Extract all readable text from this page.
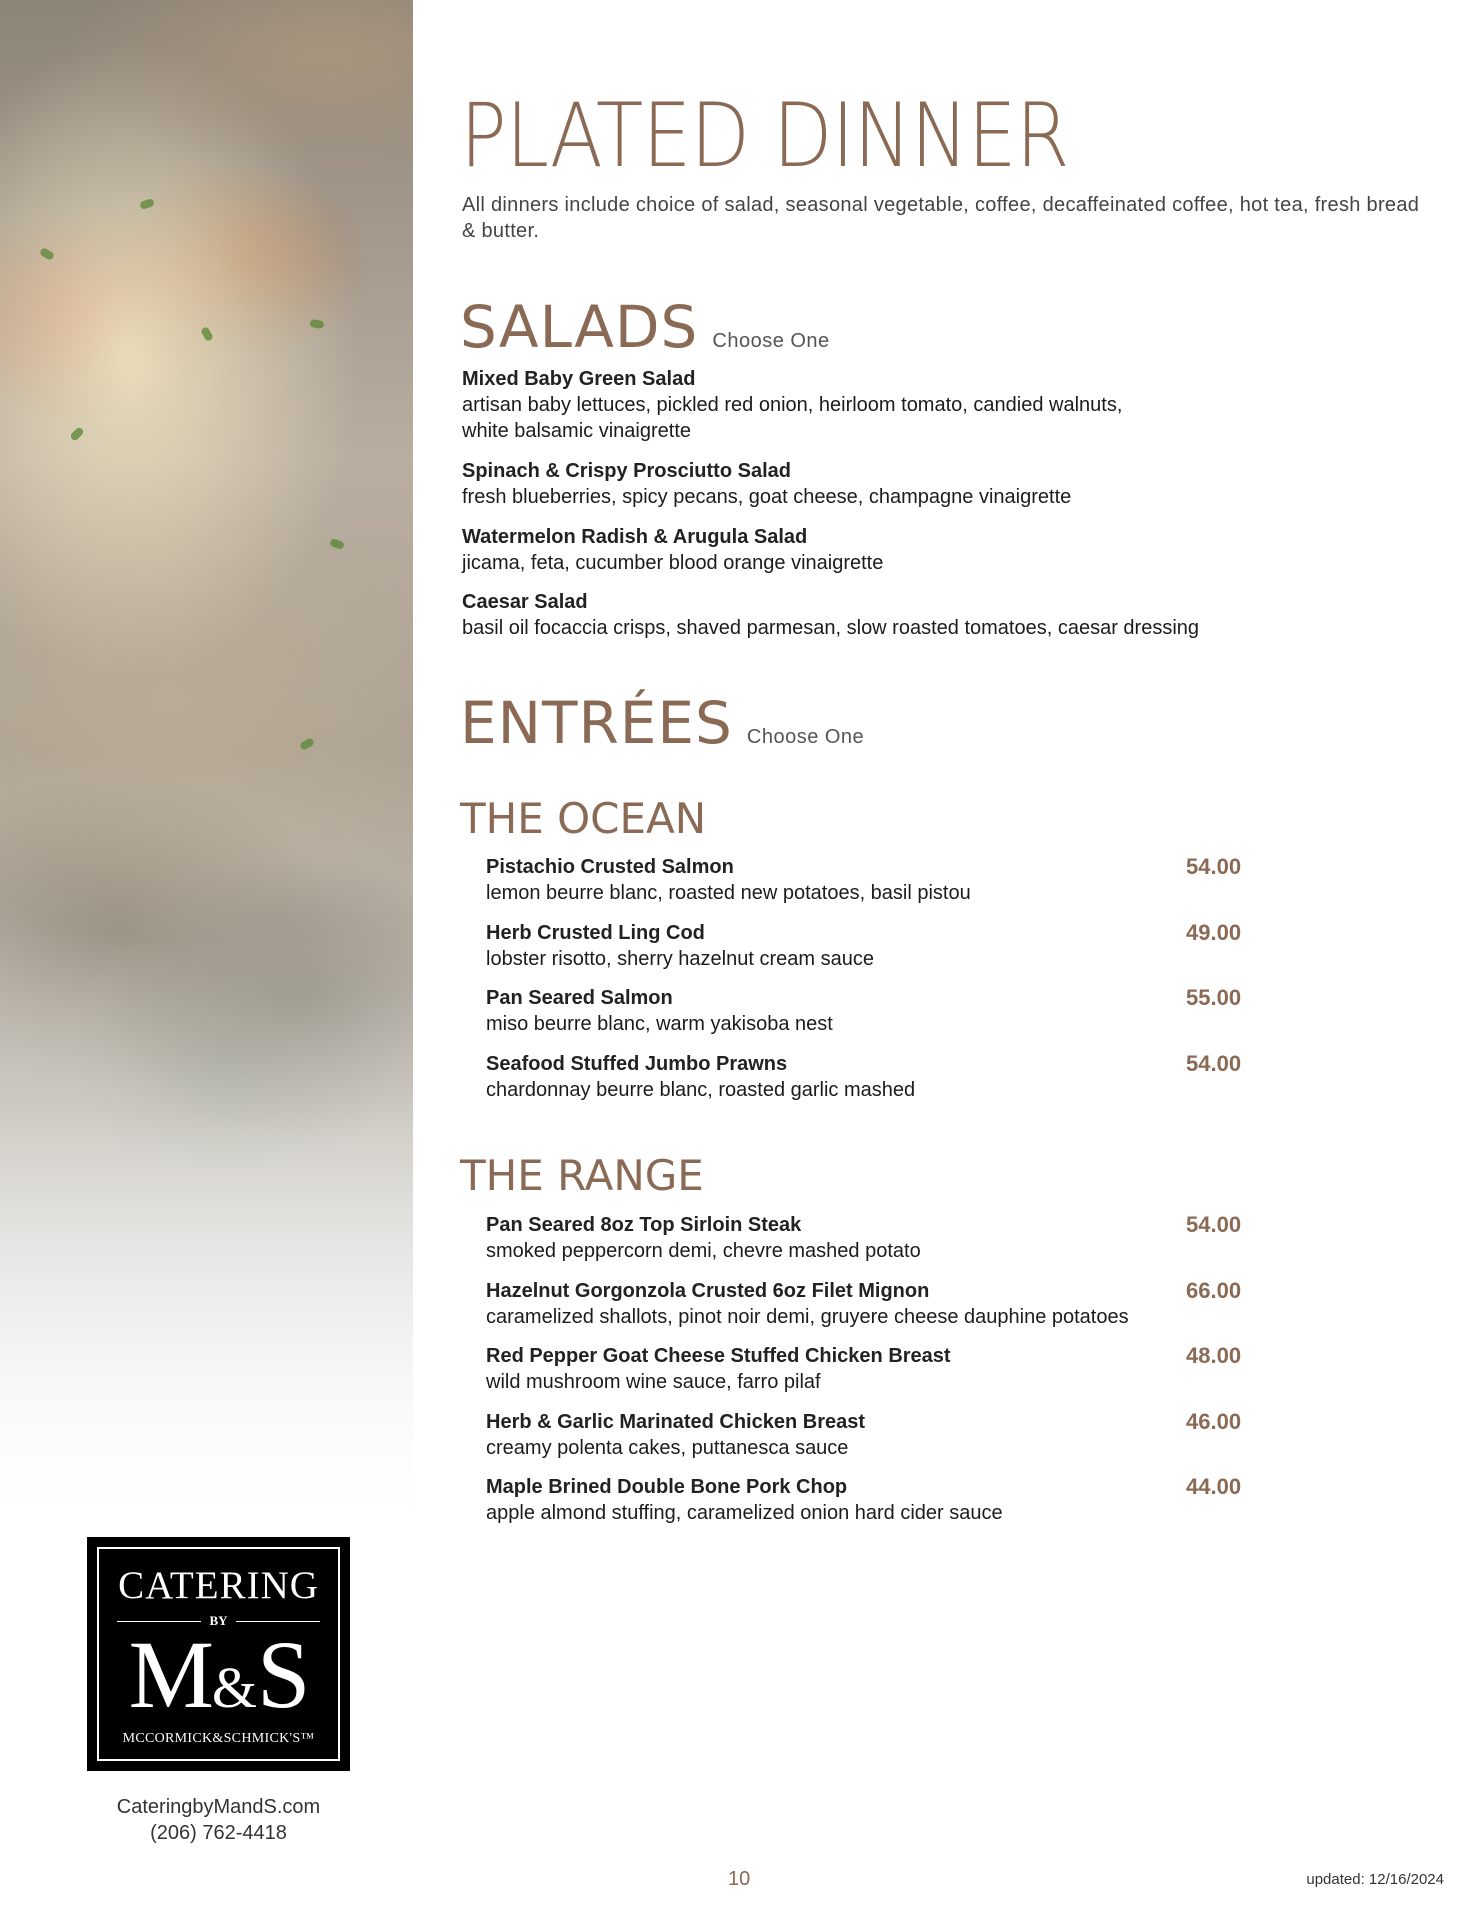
CATERING
BY
M&S
MCCORMICK&SCHMICK'S™
CateringbyMandS.com
(206) 762-4418
PLATED DINNER

All dinners include choice of salad, seasonal vegetable, coffee, decaffeinated coffee, hot tea, fresh bread & butter.

SALADS Choose One
Mixed Baby Green Salad
artisan baby lettuces, pickled red onion, heirloom tomato, candied walnuts,
white balsamic vinaigrette
Spinach & Crispy Prosciutto Salad
fresh blueberries, spicy pecans, goat cheese, champagne vinaigrette
Watermelon Radish & Arugula Salad
jicama, feta, cucumber blood orange vinaigrette
Caesar Salad
basil oil focaccia crisps, shaved parmesan, slow roasted tomatoes, caesar dressing
ENTRÉES Choose One
THE OCEAN
Pistachio Crusted Salmon
lemon beurre blanc, roasted new potatoes, basil pistou
54.00
Herb Crusted Ling Cod
lobster risotto, sherry hazelnut cream sauce
49.00
Pan Seared Salmon
miso beurre blanc, warm yakisoba nest
55.00
Seafood Stuffed Jumbo Prawns
chardonnay beurre blanc, roasted garlic mashed
54.00
THE RANGE
Pan Seared 8oz Top Sirloin Steak
smoked peppercorn demi, chevre mashed potato
54.00
Hazelnut Gorgonzola Crusted 6oz Filet Mignon
caramelized shallots, pinot noir demi, gruyere cheese dauphine potatoes
66.00
Red Pepper Goat Cheese Stuffed Chicken Breast
wild mushroom wine sauce, farro pilaf
48.00
Herb & Garlic Marinated Chicken Breast
creamy polenta cakes, puttanesca sauce
46.00
Maple Brined Double Bone Pork Chop
apple almond stuffing, caramelized onion hard cider sauce
44.00
10	updated: 12/16/2024
